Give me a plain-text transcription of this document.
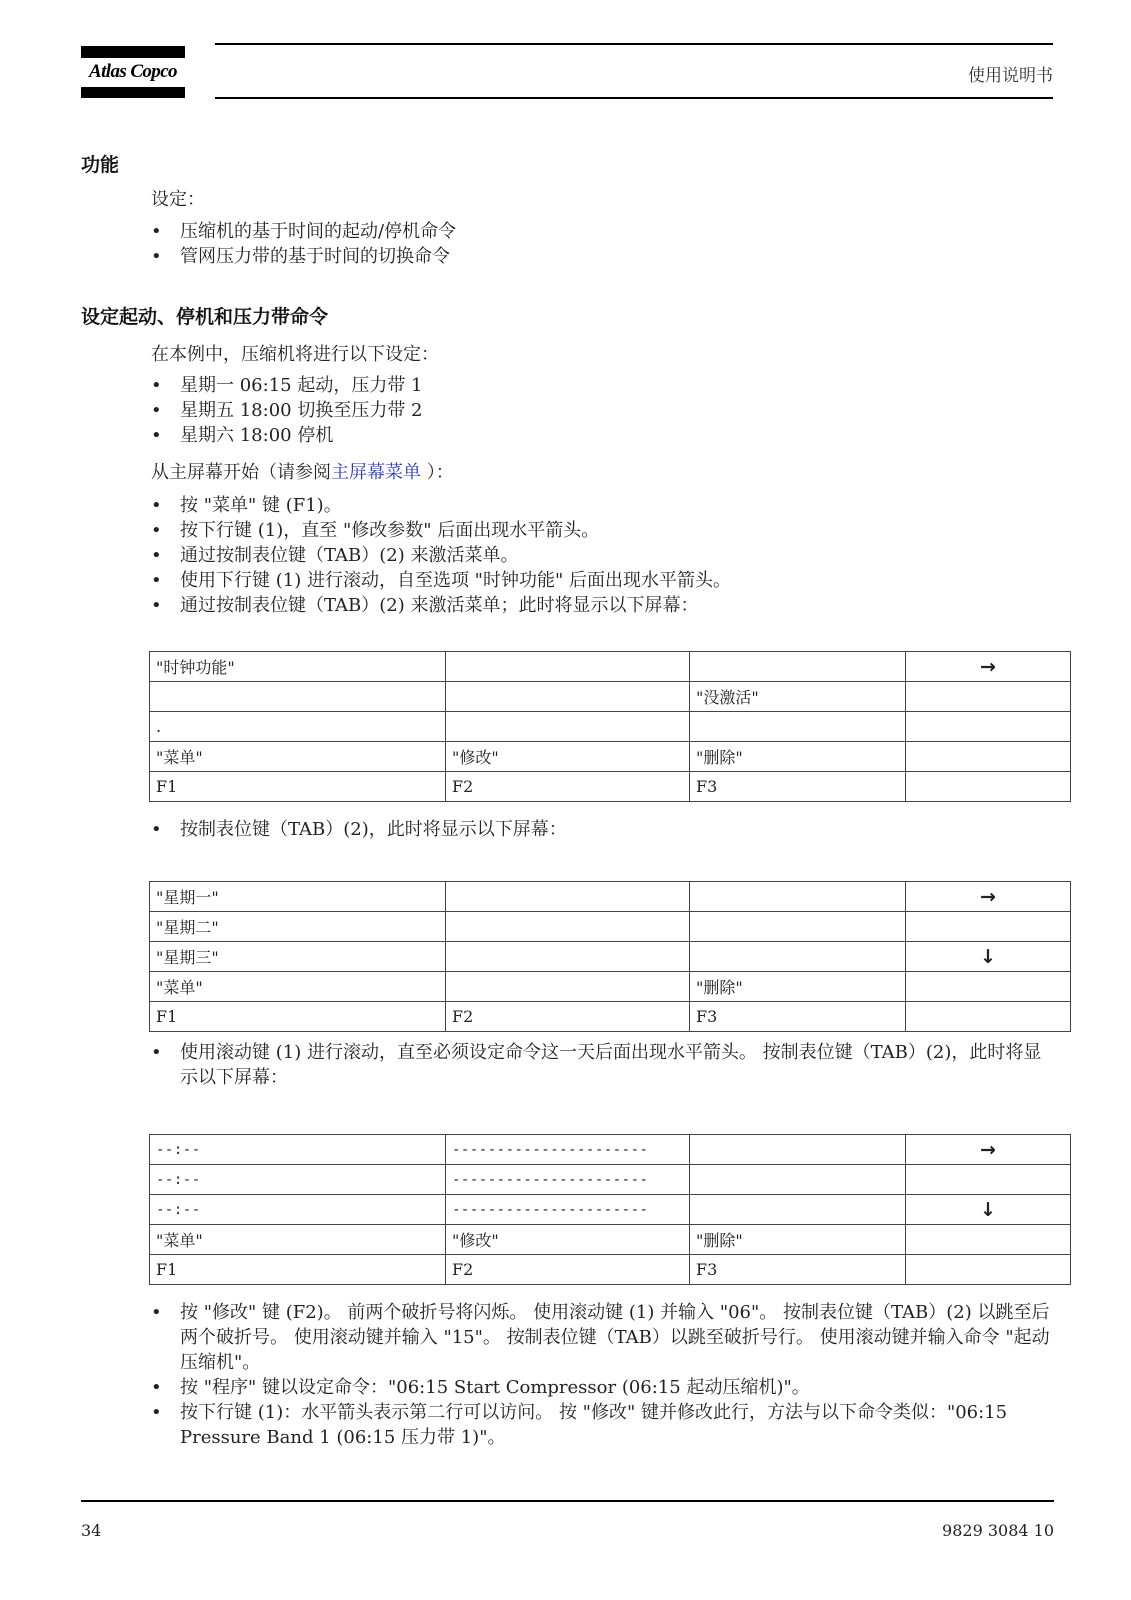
Atlas Copco	使用说明书
功能
设定：
• 压缩机的基于时间的起动/停机命令
• 管网压力带的基于时间的切换命令
设定起动、停机和压力带命令
在本例中，压缩机将进行以下设定：
• 星期一 06:15 起动，压力带 1
• 星期五 18:00 切换至压力带 2
• 星期六 18:00 停机
从主屏幕开始（请参阅主屏幕菜单 ）：
• 按 "菜单" 键 (F1)。
• 按下行键 (1)，直至 "修改参数" 后面出现水平箭头。
• 通过按制表位键（TAB）(2) 来激活菜单。
• 使用下行键 (1) 进行滚动，自至选项 "时钟功能" 后面出现水平箭头。
• 通过按制表位键（TAB）(2) 来激活菜单；此时将显示以下屏幕：
"时钟功能"			→
		"没激活"	
.			
"菜单"	"修改"	"删除"	
F1	F2	F3	
• 按制表位键（TAB）(2)，此时将显示以下屏幕：
"星期一"			→
"星期二"			
"星期三"			↓
"菜单"		"删除"	
F1	F2	F3	
• 使用滚动键 (1) 进行滚动，直至必须设定命令这一天后面出现水平箭头。 按制表位键（TAB）(2)，此时将显示以下屏幕：
--:--	----------------------		→
--:--	----------------------		
--:--	----------------------		↓
"菜单"	"修改"	"删除"	
F1	F2	F3	
• 按 "修改" 键 (F2)。 前两个破折号将闪烁。 使用滚动键 (1) 并输入 "06"。 按制表位键（TAB）(2) 以跳至后两个破折号。 使用滚动键并输入 "15"。 按制表位键（TAB）以跳至破折号行。 使用滚动键并输入命令 "起动压缩机"。
• 按 "程序" 键以设定命令："06:15 Start Compressor (06:15 起动压缩机)"。
• 按下行键 (1)：水平箭头表示第二行可以访问。 按 "修改" 键并修改此行，方法与以下命令类似："06:15 Pressure Band 1 (06:15 压力带 1)"。
34	9829 3084 10
